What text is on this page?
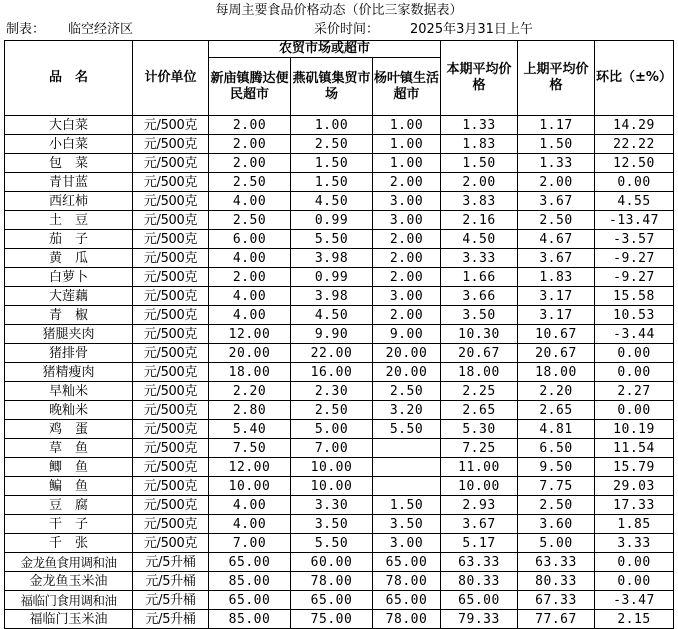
每周主要食品价格动态（价比三家数据表）
制表： 临空经济区	采价时间： 2025年3月31日上午
品　名	计价单位	农贸市场或超市			本期平均价格	上期平均价格	环比（±%）
		新庙镇腾达便民超市	燕矶镇集贸市场	杨叶镇生活超市			
大白菜	元/500克	2.00	1.00	1.00	1.33	1.17	14.29
小白菜	元/500克	2.00	2.50	1.00	1.83	1.50	22.22
包　菜	元/500克	2.00	1.50	1.00	1.50	1.33	12.50
青甘蓝	元/500克	2.50	1.50	2.00	2.00	2.00	0.00
西红柿	元/500克	4.00	4.50	3.00	3.83	3.67	4.55
土　豆	元/500克	2.50	0.99	3.00	2.16	2.50	-13.47
茄　子	元/500克	6.00	5.50	2.00	4.50	4.67	-3.57
黄　瓜	元/500克	4.00	3.98	2.00	3.33	3.67	-9.27
白萝卜	元/500克	2.00	0.99	2.00	1.66	1.83	-9.27
大莲藕	元/500克	4.00	3.98	3.00	3.66	3.17	15.58
青　椒	元/500克	4.00	4.50	2.00	3.50	3.17	10.53
猪腿夹肉	元/500克	12.00	9.90	9.00	10.30	10.67	-3.44
猪排骨	元/500克	20.00	22.00	20.00	20.67	20.67	0.00
猪精瘦肉	元/500克	18.00	16.00	20.00	18.00	18.00	0.00
早籼米	元/500克	2.20	2.30	2.50	2.25	2.20	2.27
晚籼米	元/500克	2.80	2.50	3.20	2.65	2.65	0.00
鸡　蛋	元/500克	5.40	5.00	5.50	5.30	4.81	10.19
草　鱼	元/500克	7.50	7.00		7.25	6.50	11.54
鲫　鱼	元/500克	12.00	10.00		11.00	9.50	15.79
鳊　鱼	元/500克	10.00	10.00		10.00	7.75	29.03
豆　腐	元/500克	4.00	3.30	1.50	2.93	2.50	17.33
干　子	元/500克	4.00	3.50	3.50	3.67	3.60	1.85
千　张	元/500克	7.00	5.50	3.00	5.17	5.00	3.33
金龙鱼食用调和油	元/5升桶	65.00	60.00	65.00	63.33	63.33	0.00
金龙鱼玉米油	元/5升桶	85.00	78.00	78.00	80.33	80.33	0.00
福临门食用调和油	元/5升桶	65.00	65.00	65.00	65.00	67.33	-3.47
福临门玉米油	元/5升桶	85.00	75.00	78.00	79.33	77.67	2.15
